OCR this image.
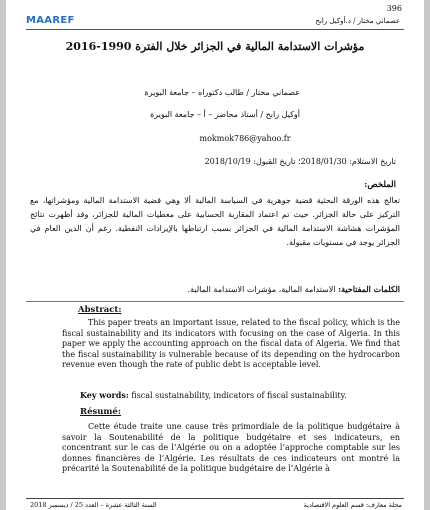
396
MAAREF	عصماني مختار / د.أوكيل رابح
مؤشرات الاستدامة المالية في الجزائر خلال الفترة 1990-2016
عصماني مختار / طالب دكتوراه – جامعة البويرة
أوكيل رابح / أستاذ محاضر – أ – جامعة البويرة
mokmok786@yahoo.fr
تاريخ الاستلام: 2018/01/30؛ تاريخ القبول: 2018/10/19
الملخص:
تعالج هذه الورقة البحثية قضية جوهرية في السياسة المالية ألا وهي قضية الاستدامة المالية ومؤشراتها، مع التركيز على حالة الجزائر. حيث تم اعتماد المقاربة الحسابية على معطيات المالية للجزائر، وقد أظهرت نتائج المؤشرات هشاشة الاستدامة المالية في الجزائر بسبب ارتباطها بالإيرادات النفطية. رغم أن الدين العام في الجزائر يوجد في مستويات مقبولة.
الكلمات المفتاحية: الاستدامة المالية، مؤشرات الاستدامة المالية.
Abstract:
This paper treats an important issue, related to the fiscal policy, which is the fiscal sustainability and its indicators with focusing on the case of Algeria. In this paper we apply the accounting approach on the fiscal data of Algeria. We find that the fiscal sustainability is vulnerable because of its depending on the hydrocarbon revenue even though the rate of public debt is acceptable level.
Key words: fiscal sustainability, indicators of fiscal sustainability.
Résumé:
Cette étude traite une cause très primordiale de la politique budgétaire à savoir la Soutenabilité de la politique budgétaire et ses indicateurs, en concentrant sur le cas de l’Algérie ou on a adoptée l’approche comptable sur les donnes financières de l’Algérie. Les résultats de ces indicateurs ont montré la précarité la Soutenabilité de la politique budgétaire de l’Algérie à
مجلة معارف: قسم العلوم الاقتصادية
السنة الثالثة عشرة – العدد 25 / ديسمبر 2018
